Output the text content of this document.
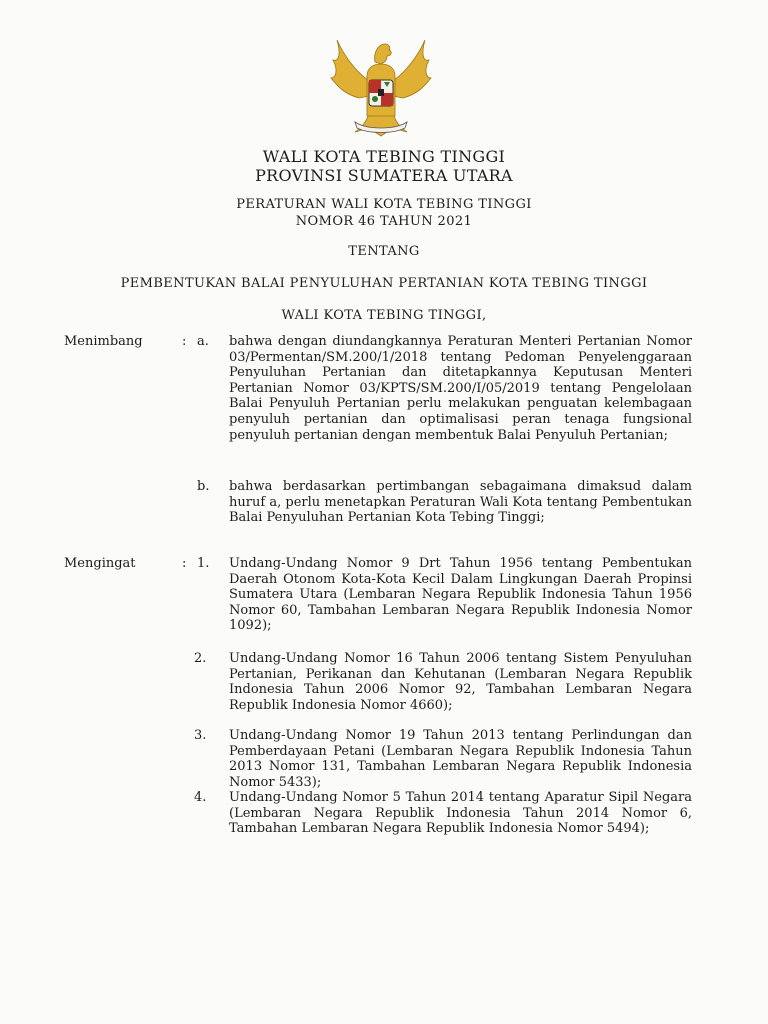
WALI KOTA TEBING TINGGI
PROVINSI SUMATERA UTARA
PERATURAN WALI KOTA TEBING TINGGI
NOMOR 46 TAHUN 2021
TENTANG
PEMBENTUKAN BALAI PENYULUHAN PERTANIAN KOTA TEBING TINGGI
WALI KOTA TEBING TINGGI,
Menimbang	: a. bahwa dengan diundangkannya Peraturan Menteri Pertanian Nomor 03/Permentan/SM.200/1/2018 tentang Pedoman Penyelenggaraan Penyuluhan Pertanian dan ditetapkannya Keputusan Menteri Pertanian Nomor 03/KPTS/SM.200/I/05/2019 tentang Pengelolaan Balai Penyuluh Pertanian perlu melakukan penguatan kelembagaan penyuluh pertanian dan optimalisasi peran tenaga fungsional penyuluh pertanian dengan membentuk Balai Penyuluh Pertanian;
b. bahwa berdasarkan pertimbangan sebagaimana dimaksud dalam huruf a, perlu menetapkan Peraturan Wali Kota tentang Pembentukan Balai Penyuluhan Pertanian Kota Tebing Tinggi;
Mengingat	: 1. Undang-Undang Nomor 9 Drt Tahun 1956 tentang Pembentukan Daerah Otonom Kota-Kota Kecil Dalam Lingkungan Daerah Propinsi Sumatera Utara (Lembaran Negara Republik Indonesia Tahun 1956 Nomor 60, Tambahan Lembaran Negara Republik Indonesia Nomor 1092);
2. Undang-Undang Nomor 16 Tahun 2006 tentang Sistem Penyuluhan Pertanian, Perikanan dan Kehutanan (Lembaran Negara Republik Indonesia Tahun 2006 Nomor 92, Tambahan Lembaran Negara Republik Indonesia Nomor 4660);
3. Undang-Undang Nomor 19 Tahun 2013 tentang Perlindungan dan Pemberdayaan Petani (Lembaran Negara Republik Indonesia Tahun 2013 Nomor 131, Tambahan Lembaran Negara Republik Indonesia Nomor 5433);
4. Undang-Undang Nomor 5 Tahun 2014 tentang Aparatur Sipil Negara (Lembaran Negara Republik Indonesia Tahun 2014 Nomor 6, Tambahan Lembaran Negara Republik Indonesia Nomor 5494);
